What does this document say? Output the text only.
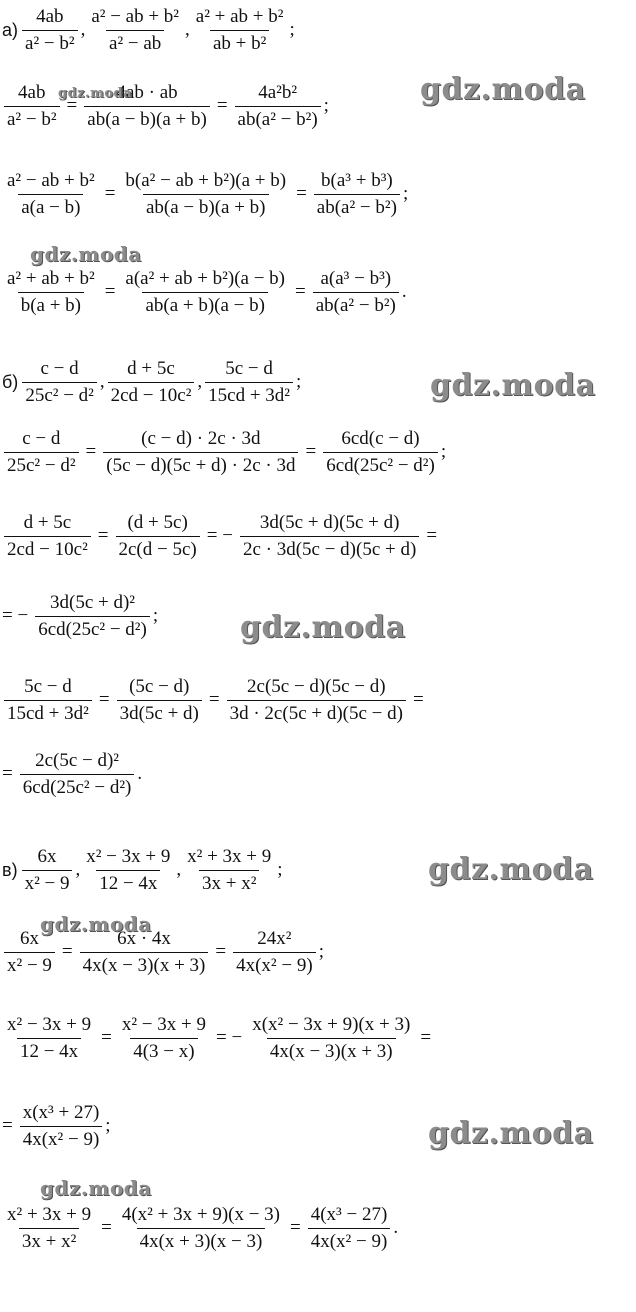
$а) \frac{4ab}{\text{a² − b²}}$ , $\frac{\text{a² − ab + b²}}{\text{a² − ab}}$ , $\frac{\text{a² + ab + b²}}{\text{ab + b²}}$ ;
$\frac{4ab}{\text{a² − b²}} = \frac{4ab \cdot ab}{ab(a - b)(a + b)} = \frac{\text{4a²b²}}{\text{ab(a² − b²)}}$ ;
$\frac{\text{a² − ab + b²}}{a(a - b)} = \frac{\text{b(a² − ab + b²)(a + b)}}{ab(a - b)(a + b)} = \frac{\text{b(a³ + b³)}}{\text{ab(a² − b²)}}$ ;
$\frac{\text{a² + ab + b²}}{b(a + b)} = \frac{\text{a(a² + ab + b²)(a − b)}}{ab(a + b)(a - b)} = \frac{\text{a(a³ − b³)}}{\text{ab(a² − b²)}}$ .
$б) \frac{c - d}{\text{25c² − d²}}$ , $\frac{d + 5c}{\text{2cd − 10c²}}$ , $\frac{5c - d}{\text{15cd + 3d²}}$ ;
$\frac{c - d}{\text{25c² − d²}} = \frac{(c - d) \cdot 2c \cdot 3d}{(5c - d)(5c + d) \cdot 2c \cdot 3d} = \frac{6cd(c - d)}{\text{6cd(25c² − d²)}}$ ;
$\frac{d + 5c}{\text{2cd − 10c²}} = \frac{(d + 5c)}{2c(d - 5c)}$ = − $\frac{3d(5c + d)(5c + d)}{2c \cdot 3d(5c - d)(5c + d)}$ =
= − $\frac{\text{3d(5c + d)²}}{\text{6cd(25c² − d²)}}$ ;
$\frac{5c - d}{\text{15cd + 3d²}} = \frac{(5c - d)}{3d(5c + d)} = \frac{2c(5c - d)(5c - d)}{3d \cdot 2c(5c + d)(5c - d)}$ =
= $\frac{\text{2c(5c − d)²}}{\text{6cd(25c² − d²)}}$ .
$в) \frac{6x}{\text{x² − 9}}$ , $\frac{\text{x² − 3x + 9}}{12 - 4x}$ , $\frac{\text{x² + 3x + 9}}{\text{3x + x²}}$ ;
$\frac{6x}{\text{x² − 9}} = \frac{6x \cdot 4x}{4x(x - 3)(x + 3)} = \frac{\text{24x²}}{\text{4x(x² − 9)}}$ ;
$\frac{\text{x² − 3x + 9}}{12 - 4x} = \frac{\text{x² − 3x + 9}}{4(3 - x)}$ = − $\frac{\text{x(x² − 3x + 9)(x + 3)}}{4x(x - 3)(x + 3)}$ =
= $\frac{\text{x(x³ + 27)}}{\text{4x(x² − 9)}}$ ;
$\frac{\text{x² + 3x + 9}}{\text{3x + x²}} = \frac{\text{4(x² + 3x + 9)(x − 3)}}{4x(x + 3)(x - 3)} = \frac{\text{4(x³ − 27)}}{\text{4x(x² − 9)}}$ .
gdz.moda	gdz.moda
gdz.moda
gdz.moda
gdz.moda
gdz.moda
gdz.moda
gdz.moda
gdz.moda
